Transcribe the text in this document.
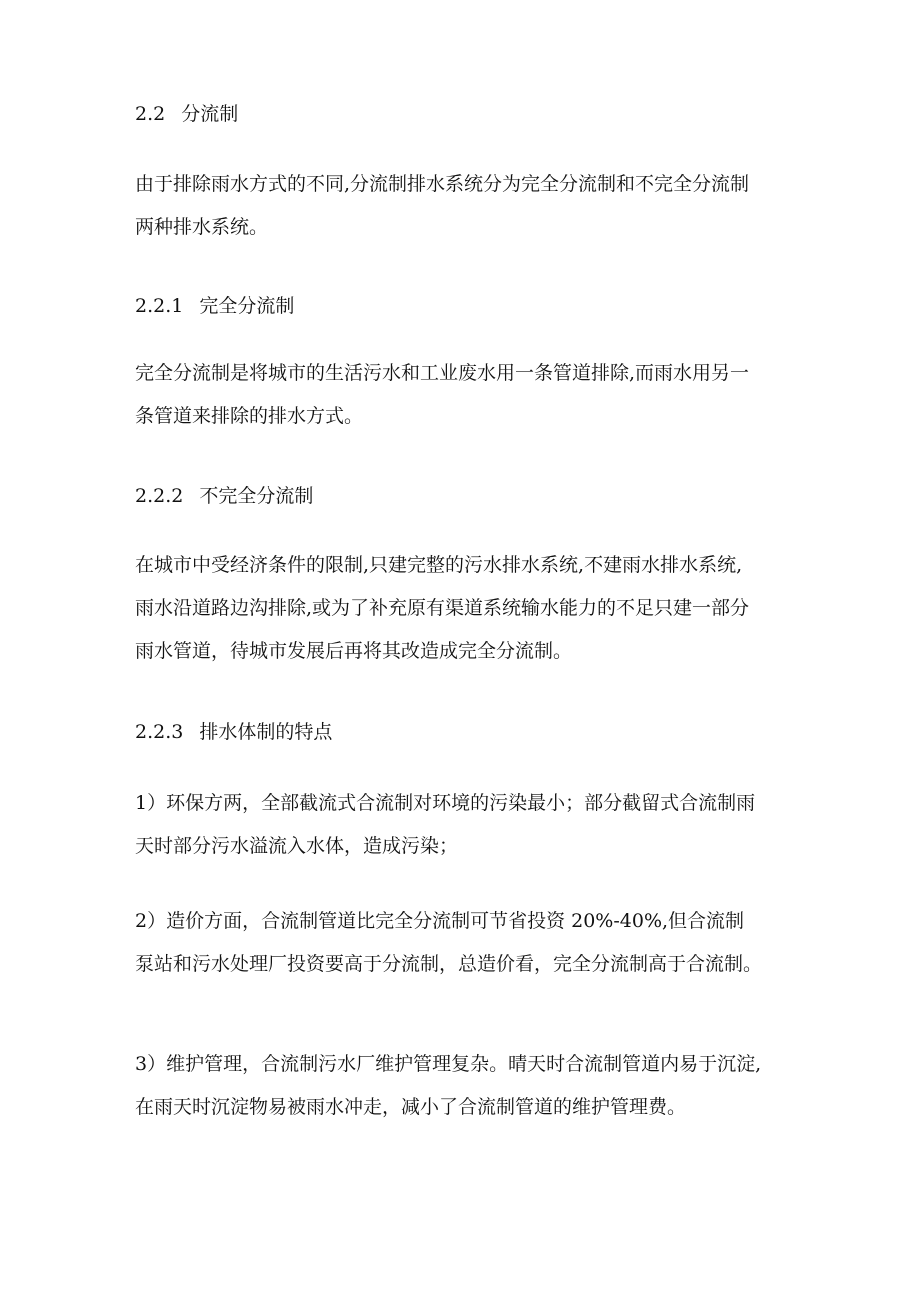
2.2 分流制
由于排除雨水方式的不同,分流制排水系统分为完全分流制和不完全分流制
两种排水系统。
2.2.1 完全分流制
完全分流制是将城市的生活污水和工业废水用一条管道排除,而雨水用另一
条管道来排除的排水方式。
2.2.2 不完全分流制
在城市中受经济条件的限制,只建完整的污水排水系统,不建雨水排水系统,
雨水沿道路边沟排除,或为了补充原有渠道系统输水能力的不足只建一部分
雨水管道，待城市发展后再将其改造成完全分流制。
2.2.3 排水体制的特点
1）环保方两，全部截流式合流制对环境的污染最小；部分截留式合流制雨
天时部分污水溢流入水体，造成污染；
2）造价方面，合流制管道比完全分流制可节省投资 20%-40%,但合流制
泵站和污水处理厂投资要高于分流制，总造价看，完全分流制高于合流制。
3）维护管理，合流制污水厂维护管理复杂。晴天时合流制管道内易于沉淀,
在雨天时沉淀物易被雨水冲走，减小了合流制管道的维护管理费。
